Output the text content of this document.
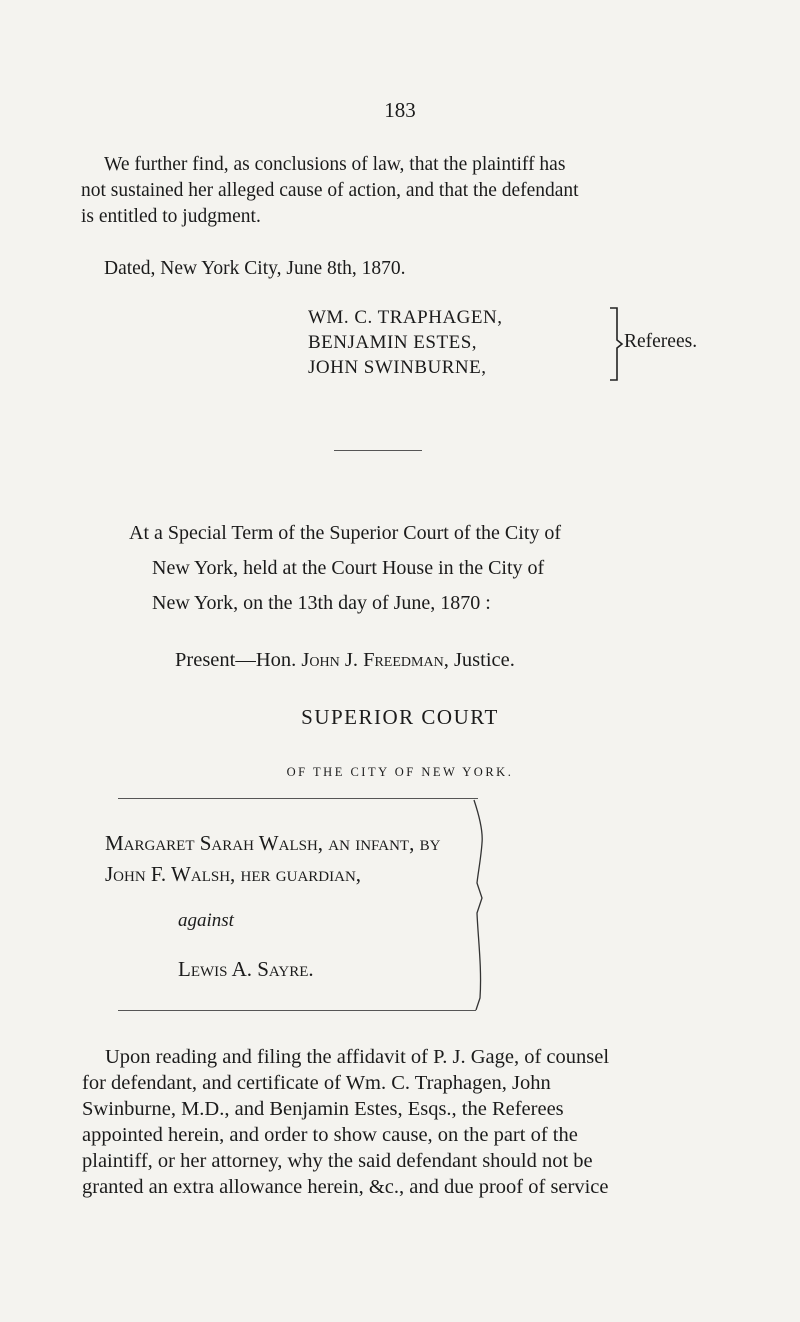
183
We further find, as conclusions of law, that the plaintiff has
not sustained her alleged cause of action, and that the defendant
is entitled to judgment.
Dated, New York City, June 8th, 1870.
WM. C. TRAPHAGEN,
BENJAMIN ESTES,
JOHN SWINBURNE,
Referees.
At a Special Term of the Superior Court of the City of
New York, held at the Court House in the City of
New York, on the 13th day of June, 1870 :
Present—Hon. John J. Freedman, Justice.
SUPERIOR COURT
OF THE CITY OF NEW YORK.
Margaret Sarah Walsh, an infant, by
John F. Walsh, her guardian,
against
Lewis A. Sayre.
Upon reading and filing the affidavit of P. J. Gage, of counsel
for defendant, and certificate of Wm. C. Traphagen, John
Swinburne, M.D., and Benjamin Estes, Esqs., the Referees
appointed herein, and order to show cause, on the part of the
plaintiff, or her attorney, why the said defendant should not be
granted an extra allowance herein, &c., and due proof of service
